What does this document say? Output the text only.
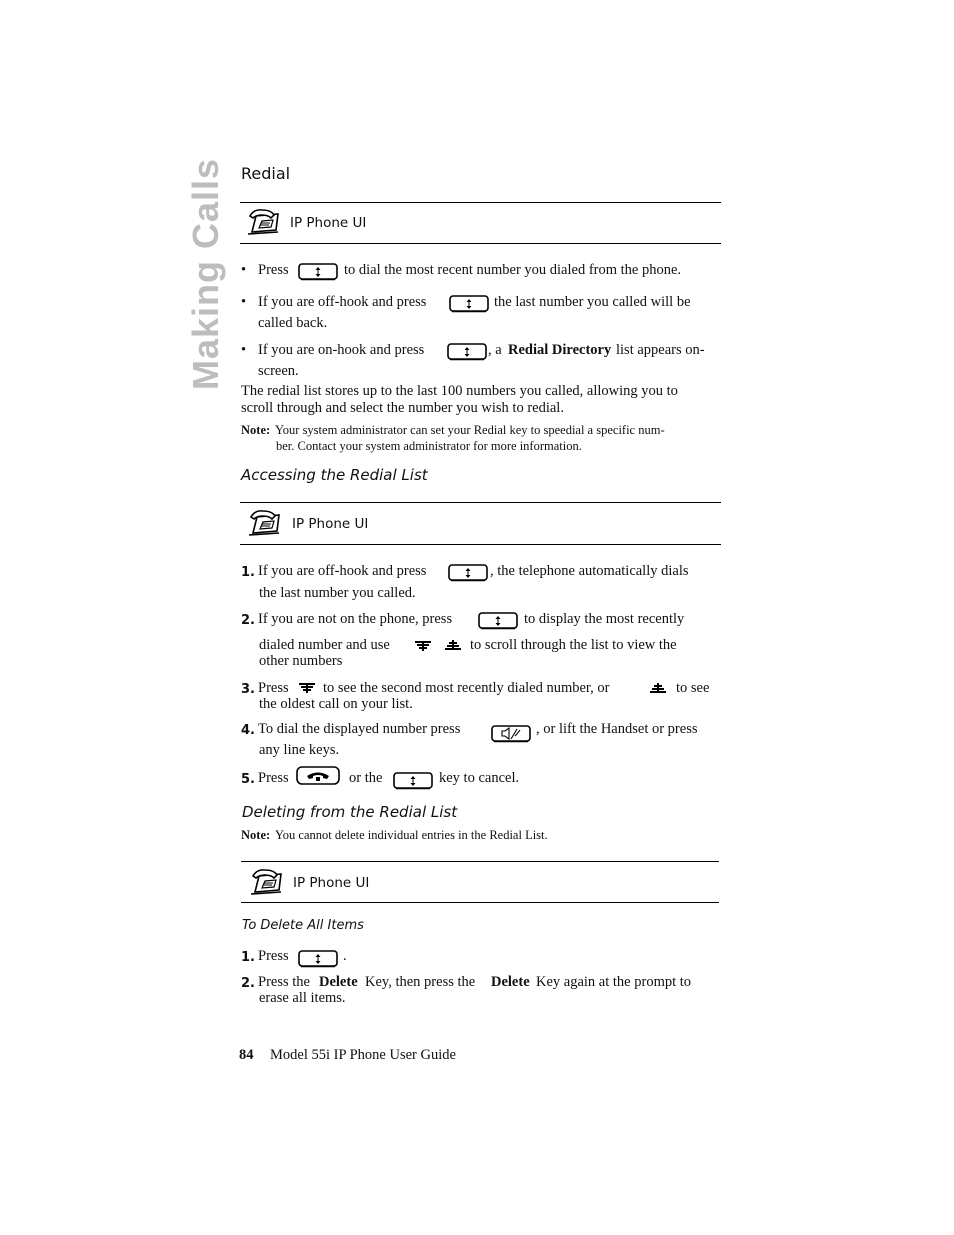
Making Calls Redial
IP Phone UI
• Press	to dial the most recent number you dialed from the phone.
• If you are off-hook and press	the last number you called will be
called back.
• If you are on-hook and press	, a Redial Directory list appears on-
screen.
The redial list stores up to the last 100 numbers you called, allowing you to
scroll through and select the number you wish to redial.
Note: Your system administrator can set your Redial key to speedial a specific num-
ber. Contact your system administrator for more information.
Accessing the Redial List
IP Phone UI
1. If you are off-hook and press	, the telephone automatically dials
the last number you called.
2. If you are not on the phone, press	to display the most recently
dialed number and use	to scroll through the list to view the
other numbers
3. Press to see the second most recently dialed number, or	to see
the oldest call on your list.
4. To dial the displayed number press	, or lift the Handset or press
any line keys.
5. Press	or the	key to cancel.
Deleting from the Redial List
Note: You cannot delete individual entries in the Redial List.
IP Phone UI
To Delete All Items
1. Press	.
2. Press the Delete Key, then press the Delete Key again at the prompt to
erase all items.
84 Model 55i IP Phone User Guide
